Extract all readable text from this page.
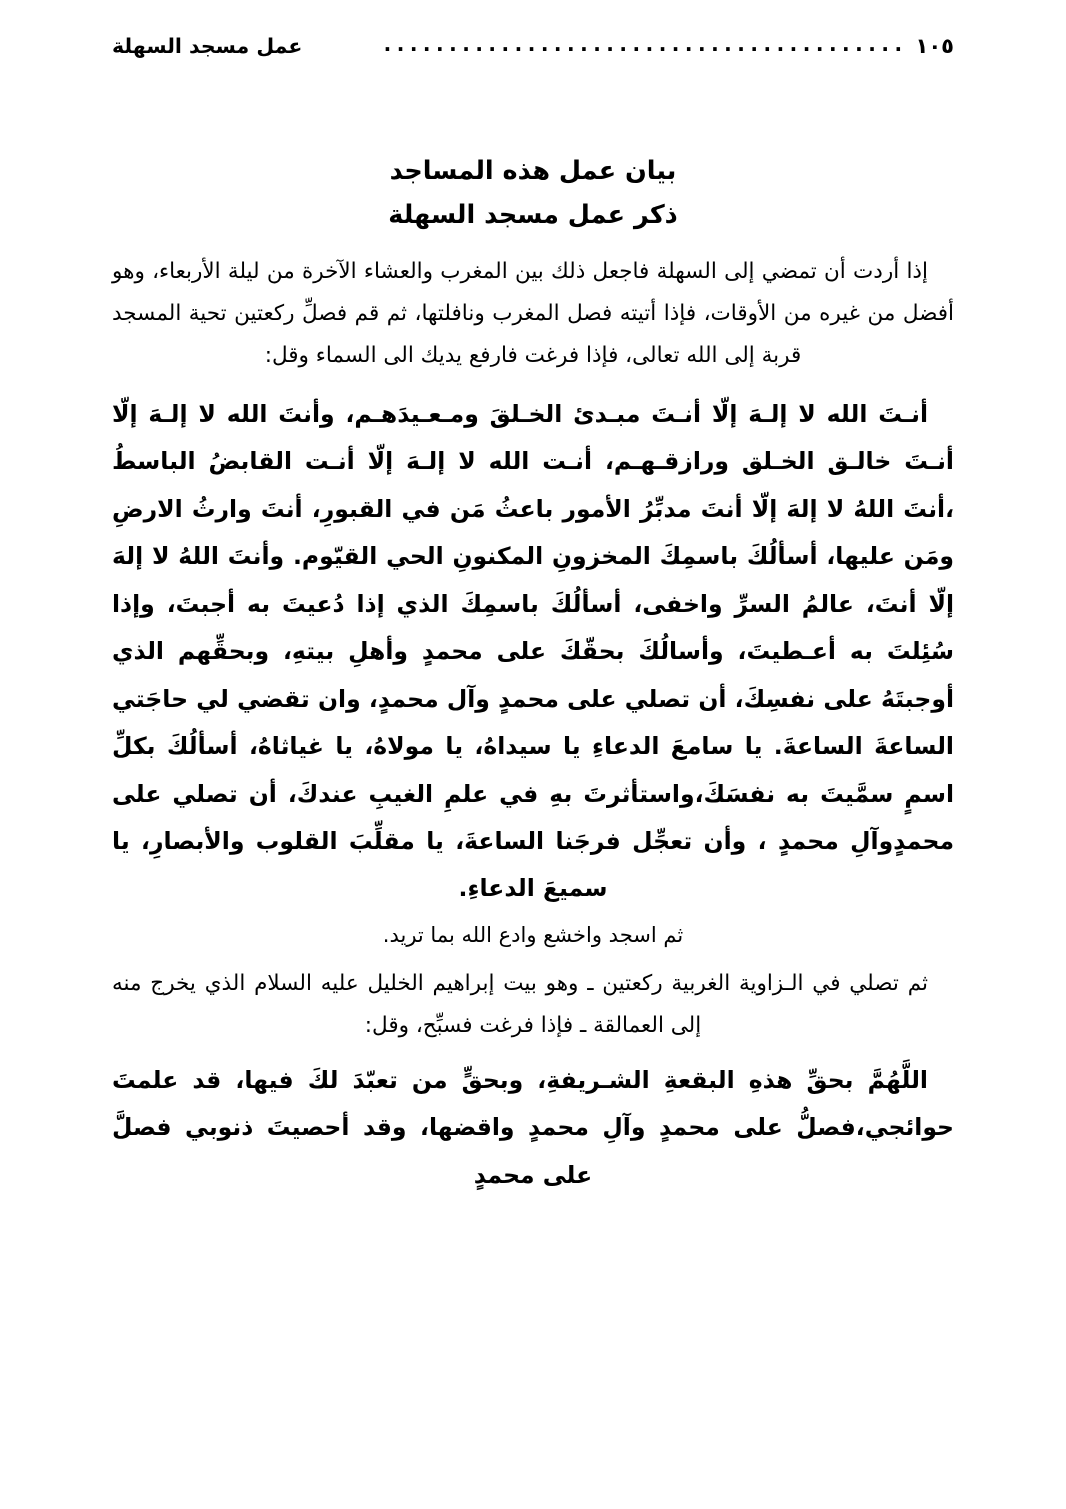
عمل مسجد السهلة	........................................ ١٠٥
بيان عمل هذه المساجد
ذكر عمل مسجد السهلة

إذا أردت أن تمضي إلى السهلة فاجعل ذلك بين المغرب والعشاء الآخرة من ليلة الأربعاء، وهو أفضل من غيره من الأوقات، فإذا أتيته فصل المغرب ونافلتها، ثم قم فصلِّ ركعتين تحية المسجد قربة إلى الله تعالى، فإذا فرغت فارفع يديك الى السماء وقل:

أنـتَ الله لا إلـهَ إلّا أنـتَ مبـدئ الخـلقَ ومـعـيدَهـم، وأنتَ الله لا إلـهَ إلّا أنـتَ خالـق الخـلق ورازقـهـم، أنـت الله لا إلـهَ إلّا أنـت القابضُ الباسطُ ،أنتَ اللهُ لا إلهَ إلّا أنتَ مدبِّرُ الأمور باعثُ مَن في القبورِ، أنتَ وارثُ الارضِ ومَن عليها، أسألُكَ باسمِكَ المخزونِ المكنونِ الحي القيّوم. وأنتَ اللهُ لا إلهَ إلّا أنتَ، عالمُ السرِّ واخفى، أسألُكَ باسمِكَ الذي إذا دُعيتَ به أجبتَ، وإذا سُئِلتَ به أعـطيتَ، وأسالُكَ بحقّكَ على محمدٍ وأهلِ بيتهِ، وبحقِّهم الذي أوجبتَهُ على نفسِكَ، أن تصلي على محمدٍ وآل محمدٍ، وان تقضي لي حاجَتي الساعةَ الساعةَ. يا سامعَ الدعاءِ يا سيداهُ، يا مولاهُ، يا غياثاهُ، أسألُكَ بكلِّ اسمٍ سمَّيتَ به نفسَكَ،واستأثرتَ بهِ في علمِ الغيبِ عندكَ، أن تصلي على محمدٍوآلِ محمدٍ ، وأن تعجِّل فرجَنا الساعةَ، يا مقلِّبَ القلوب والأبصارِ، يا سميعَ الدعاءِ.

ثم اسجد واخشع وادع الله بما تريد.

ثم تصلي في الـزاوية الغربية ركعتين ـ وهو بيت إبراهيم الخليل عليه السلام الذي يخرج منه إلى العمالقة ـ فإذا فرغت فسبِّح، وقل:

اللَّهُمَّ بحقِّ هذهِ البقعةِ الشـريفةِ، وبحقٍّ من تعبّدَ لكَ فيها، قد علمتَ حوائجي،فصلُّ على محمدٍ وآلِ محمدٍ واقضها، وقد أحصيتَ ذنوبي فصلَّ على محمدٍ
